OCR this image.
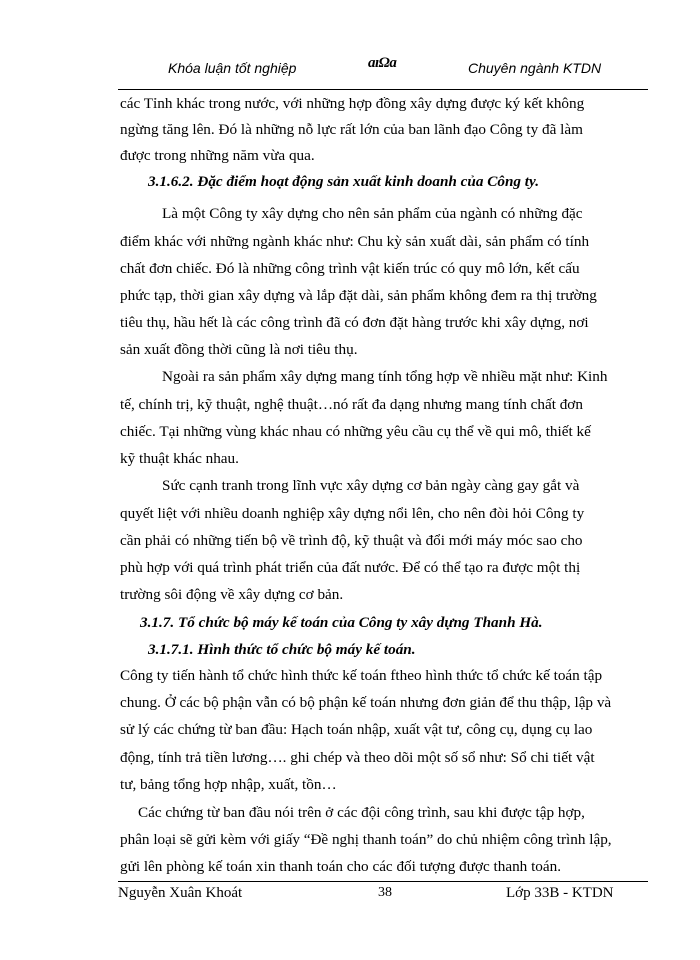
Khóa luận tốt nghiệp	aıΩa	Chuyên ngành KTDN
các Tỉnh khác trong nước, với những hợp đồng xây dựng được ký kết không
ngừng tăng lên. Đó là những nỗ lực rất lớn của ban lãnh đạo Công ty đã làm
được trong những năm vừa qua.
3.1.6.2. Đặc điểm hoạt động sản xuất kinh doanh của Công ty.
Là một Công ty xây dựng cho nên sản phẩm của ngành có những đặc
điểm khác với những ngành khác như: Chu kỳ sản xuất dài, sản phẩm có tính
chất đơn chiếc. Đó là những công trình vật kiến trúc có quy mô lớn, kết cấu
phức tạp, thời gian xây dựng và lắp đặt dài, sản phẩm không đem ra thị trường
tiêu thụ, hầu hết là các công trình đã có đơn đặt hàng trước khi xây dựng, nơi
sản xuất đồng thời cũng là nơi tiêu thụ.
Ngoài ra sản phẩm xây dựng mang tính tổng hợp về nhiều mặt như: Kinh
tế, chính trị, kỹ thuật, nghệ thuật…nó rất đa dạng nhưng mang tính chất đơn
chiếc. Tại những vùng khác nhau có những yêu cầu cụ thể về qui mô, thiết kế
kỹ thuật khác nhau.
Sức cạnh tranh trong lĩnh vực xây dựng cơ bản ngày càng gay gắt và
quyết liệt với nhiều doanh nghiệp xây dựng nổi lên, cho nên đòi hỏi Công ty
cần phải có những tiến bộ về trình độ, kỹ thuật và đổi mới máy móc sao cho
phù hợp với quá trình phát triển của đất nước. Để có thể tạo ra được một thị
trường sôi động về xây dựng cơ bản.
3.1.7. Tổ chức bộ máy kế toán của Công ty xây dựng Thanh Hà.
3.1.7.1. Hình thức tổ chức bộ máy kế toán.
Công ty tiến hành tổ chức hình thức kế toán ftheo hình thức tổ chức kế toán tập
chung. Ở các bộ phận vẫn có bộ phận kế toán nhưng đơn giản để thu thập, lập và
sử lý các chứng từ ban đầu: Hạch toán nhập, xuất vật tư, công cụ, dụng cụ lao
động, tính trả tiền lương…. ghi chép và theo dõi một số sổ như: Sổ chi tiết vật
tư, bảng tổng hợp nhập, xuất, tồn…
Các chứng từ ban đầu nói trên ở các đội công trình, sau khi được tập hợp,
phân loại sẽ gửi kèm với giấy “Đề nghị thanh toán” do chủ nhiệm công trình lập,
gửi lên phòng kế toán xin thanh toán cho các đối tượng được thanh toán.
Nguyễn Xuân Khoát	38	Lớp 33B - KTDN
